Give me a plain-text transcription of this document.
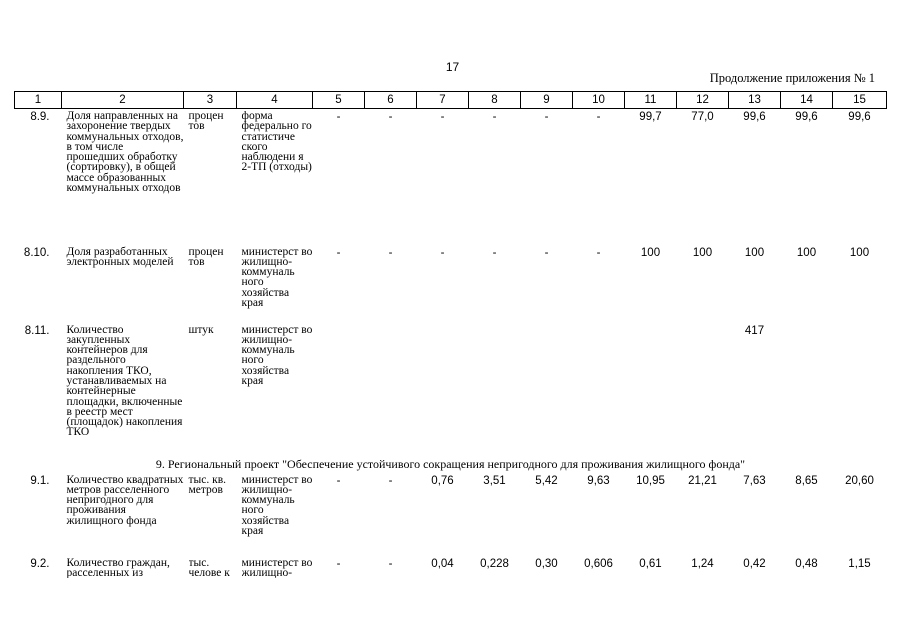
17
Продолжение приложения № 1
1	2	3	4	5	6	7	8	9	10	11	12	13	14	15
8.9.	Доля направленных на захоронение твердых коммунальных отходов, в том числе прошедших обработку (сортировку), в общей массе образованных коммунальных отходов	процен тов	форма федерально го статистиче ского наблюдени я 2-ТП (отходы)	-	-	-	-	-	-	99,7	77,0	99,6	99,6	99,6
8.10.	Доля разработанных электронных моделей	процен тов	министерст во жилищно-коммуналь ного хозяйства края	-	-	-	-	-	-	100	100	100	100	100
8.11.	Количество закупленных контейнеров для раздельного накопления ТКО, устанавливаемых на контейнерные площадки, включенные в реестр мест (площадок) накопления ТКО	штук	министерст во жилищно-коммуналь ного хозяйства края									417		
9. Региональный проект "Обеспечение устойчивого сокращения непригодного для проживания жилищного фонда"														
9.1.	Количество квадратных метров расселенного непригодного для проживания жилищного фонда	тыс. кв. метров	министерст во жилищно-коммуналь ного хозяйства края	-	-	0,76	3,51	5,42	9,63	10,95	21,21	7,63	8,65	20,60

9.2.	Количество граждан, расселенных из	тыс. челове к	министерст во жилищно-	-	-	0,04	0,228	0,30	0,606	0,61	1,24	0,42	0,48	1,15
